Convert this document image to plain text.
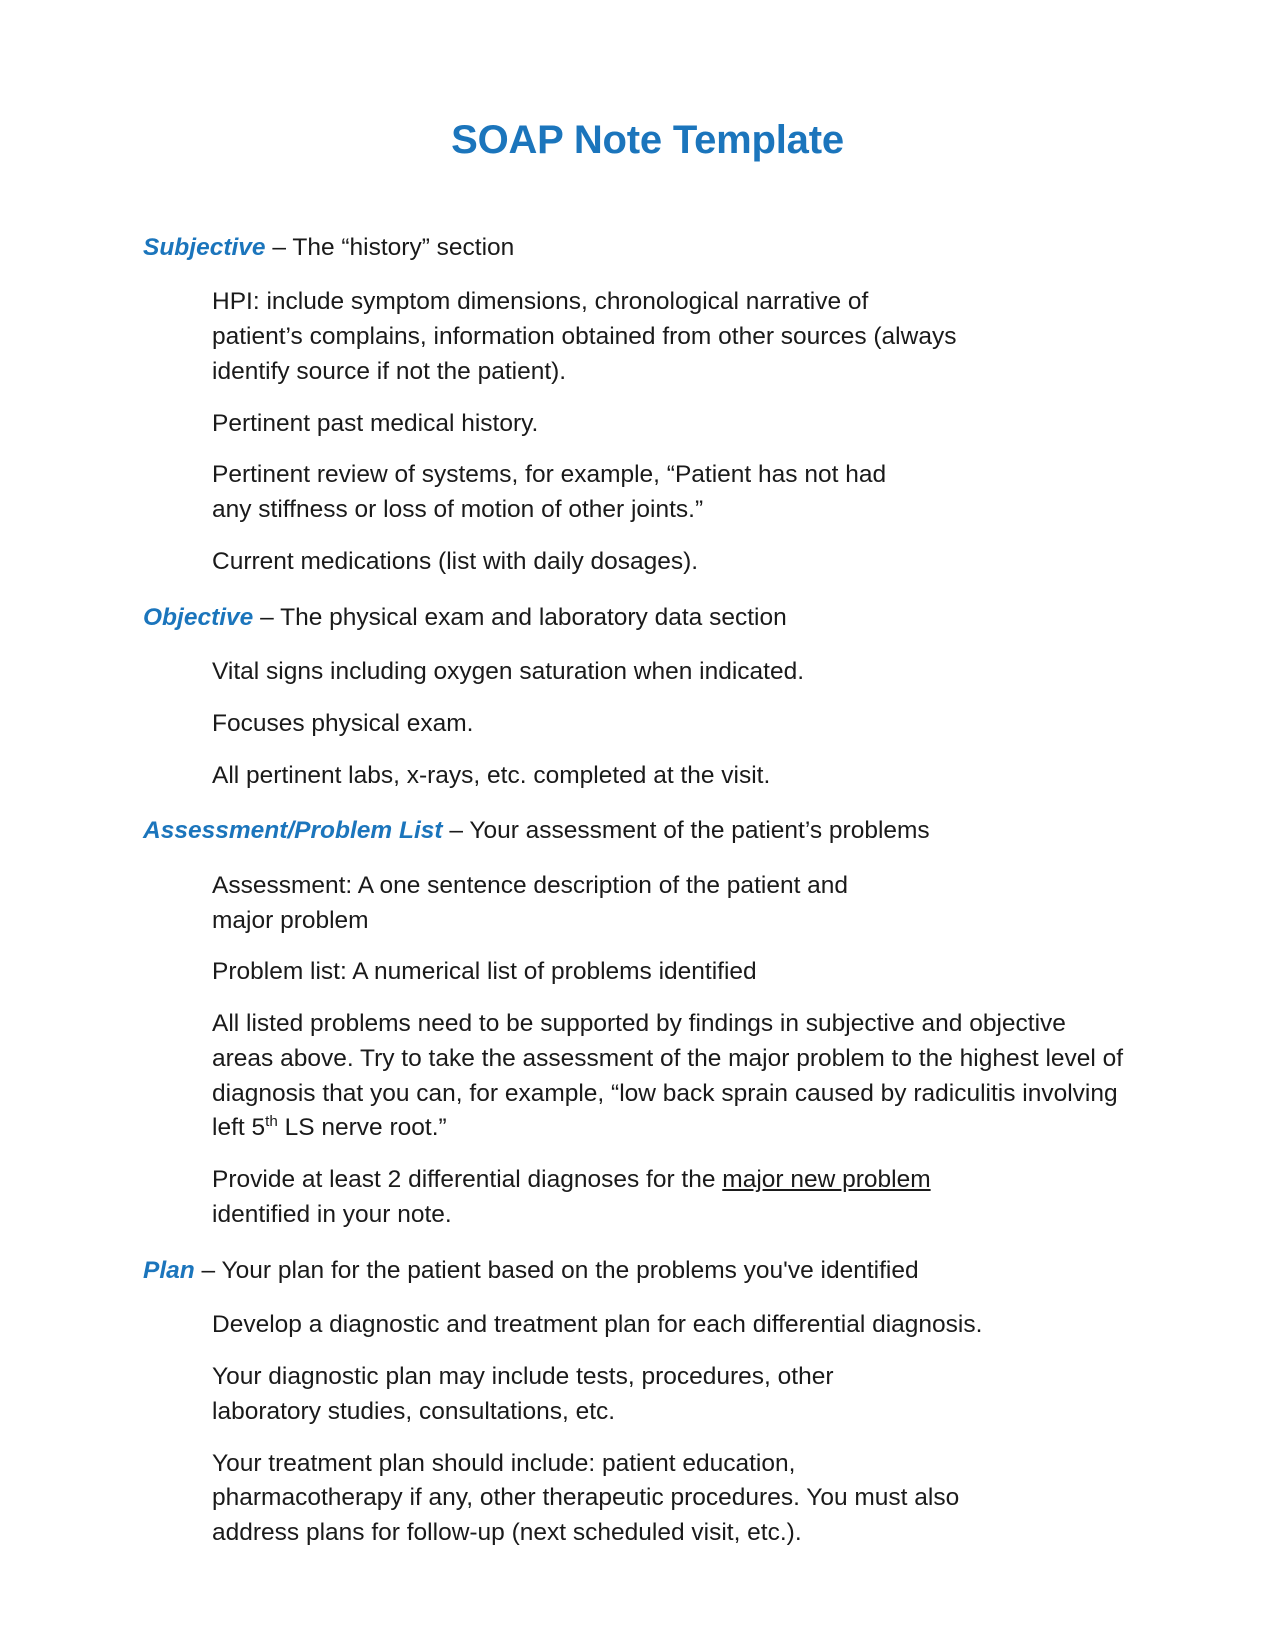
SOAP Note Template

Subjective – The “history” section

HPI: include symptom dimensions, chronological narrative of patient’s complains, information obtained from other sources (always identify source if not the patient).

Pertinent past medical history.

Pertinent review of systems, for example, “Patient has not had any stiffness or loss of motion of other joints.”

Current medications (list with daily dosages).

Objective – The physical exam and laboratory data section

Vital signs including oxygen saturation when indicated.

Focuses physical exam.

All pertinent labs, x-rays, etc. completed at the visit.

Assessment/Problem List – Your assessment of the patient’s problems

Assessment: A one sentence description of the patient and major problem

Problem list: A numerical list of problems identified

All listed problems need to be supported by findings in subjective and objective areas above. Try to take the assessment of the major problem to the highest level of diagnosis that you can, for example, “low back sprain caused by radiculitis involving left 5th LS nerve root.”

Provide at least 2 differential diagnoses for the major new problem identified in your note.

Plan – Your plan for the patient based on the problems you've identified

Develop a diagnostic and treatment plan for each differential diagnosis.

Your diagnostic plan may include tests, procedures, other laboratory studies, consultations, etc.

Your treatment plan should include: patient education, pharmacotherapy if any, other therapeutic procedures. You must also address plans for follow-up (next scheduled visit, etc.).
